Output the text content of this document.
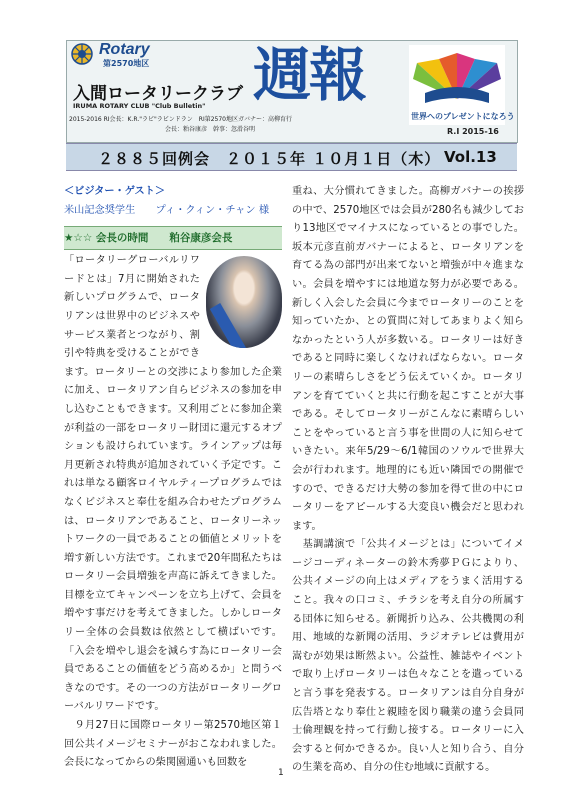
Rotary
第2570地区
入間ロータリークラブ
IRUMA ROTARY CLUB "Club Bulletin" 週報
2015-2016 RI会長：K.R."ラビ"ラビンドラン　RI第2570地区ガバナー：高柳育行
会長：粕谷康彦　幹事：忽滑谷明
世界へのプレゼントになろう
R.I 2015-16
２８８５回例会　２０１５年 １０月１日（木） Vol.13

＜ビジター・ゲスト＞

米山記念奨学生　　プィ・クィン・チャン 様

★☆☆ 会長の時間　　粕谷康彦会長

「ロータリーグローバルリワードとは」7月に開始された新しいプログラムで、ロータリアンは世界中のビジネスやサービス業者とつながり、割引や特典を受けることができます。ロータリーとの交渉により参加した企業に加え、ロータリアン自らビジネスの参加を申し込むこともできます。又利用ごとに参加企業が利益の一部をロータリー財団に還元するオプションも設けられています。ラインアップは毎月更新され特典が追加されていく予定です。これは単なる顧客ロイヤルティープログラムではなくビジネスと奉仕を組み合わせたプログラムは、ロータリアンであること、ロータリーネットワークの一員であることの価値とメリットを増す新しい方法です。これまで20年間私たちはロータリー会員増強を声高に訴えてきました。目標を立てキャンペーンを立ち上げて、会員を増やす事だけを考えてきました。しかしロータリー全体の会員数は依然として横ばいです。「入会を増やし退会を減らす為にロータリー会員であることの価値をどう高めるか」と問うべきなのです。その一つの方法がロータリーグローバルリワードです。

　９月27日に国際ロータリー第2570地区第１回公共イメージセミナーがおこなわれました。会長になってからの柴関園通いも回数を

重ね、大分慣れてきました。高柳ガバナーの挨拶の中で、2570地区では会員が280名も減少しており13地区でマイナスになっているとの事でした。坂本元彦直前ガバナーによると、ロータリアンを育てる為の部門が出来てないと増強が中々進まない。会員を増やすには地道な努力が必要である。新しく入会した会員に今までロータリーのことを知っていたか、との質問に対してあまりよく知らなかったという人が多数いる。ロータリーは好きであると同時に楽しくなければならない。ロータリーの素晴らしさをどう伝えていくか。ロータリアンを育てていくと共に行動を起こすことが大事である。そしてロータリーがこんなに素晴らしいことをやっていると言う事を世間の人に知らせていきたい。来年5/29～6/1韓国のソウルで世界大会が行われます。地理的にも近い隣国での開催ですので、できるだけ大勢の参加を得て世の中にロータリーをアピールする大変良い機会だと思われます。

　基調講演で「公共イメージとは」についてイメージコーディネーターの鈴木秀夢ＰＧによりり、公共イメージの向上はメディアをうまく活用すること。我々の口コミ、チラシを考え自分の所属する団体に知らせる。新聞折り込み、公共機関の利用、地域的な新聞の活用、ラジオテレビは費用が嵩むが効果は断然よい。公益性、雑誌やイベントで取り上げロータリーは色々なことを遣っていると言う事を発表する。ロータリアンは自分自身が広告塔となり奉仕と親睦を図り職業の違う会員同士倫理観を持って行動し接する。ロータリーに入会すると何かできるか。良い人と知り合う、自分の生業を高め、自分の住む地域に貢献する。

1
